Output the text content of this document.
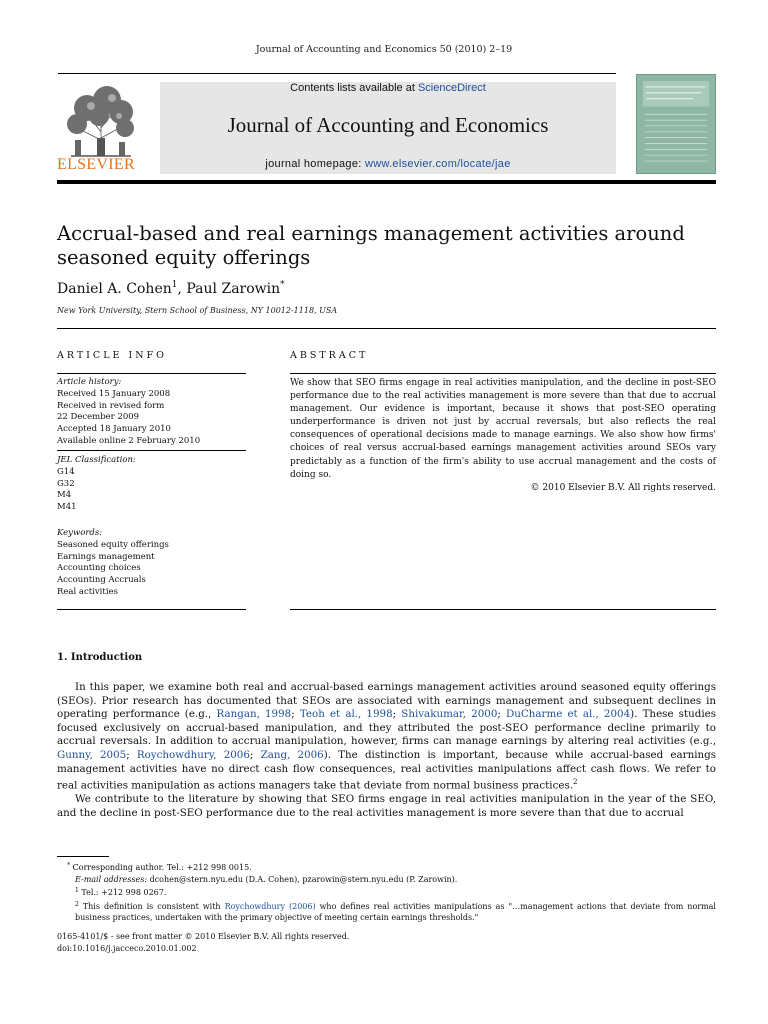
Journal of Accounting and Economics 50 (2010) 2–19
ELSEVIER
Contents lists available at ScienceDirect
Journal of Accounting and Economics
journal homepage: www.elsevier.com/locate/jae
Accrual-based and real earnings management activities around seasoned equity offerings
Daniel A. Cohen$^1$, Paul Zarowin*
New York University, Stern School of Business, NY 10012-1118, USA
ARTICLE INFO
Article history:
Received 15 January 2008
Received in revised form
22 December 2009
Accepted 18 January 2010
Available online 2 February 2010
JEL Classification:
G14
G32
M4
M41
Keywords:
Seasoned equity offerings
Earnings management
Accounting choices
Accounting Accruals
Real activities
ABSTRACT
We show that SEO firms engage in real activities manipulation, and the decline in post-SEO performance due to the real activities management is more severe than that due to accrual management. Our evidence is important, because it shows that post-SEO operating underperformance is driven not just by accrual reversals, but also reflects the real consequences of operational decisions made to manage earnings. We also show how firms' choices of real versus accrual-based earnings management activities around SEOs vary predictably as a function of the firm's ability to use accrual management and the costs of doing so.
© 2010 Elsevier B.V. All rights reserved.
1. Introduction

In this paper, we examine both real and accrual-based earnings management activities around seasoned equity offerings (SEOs). Prior research has documented that SEOs are associated with earnings management and subsequent declines in operating performance (e.g., Rangan, 1998; Teoh et al., 1998; Shivakumar, 2000; DuCharme et al., 2004). These studies focused exclusively on accrual-based manipulation, and they attributed the post-SEO performance decline primarily to accrual reversals. In addition to accrual manipulation, however, firms can manage earnings by altering real activities (e.g., Gunny, 2005; Roychowdhury, 2006; Zang, 2006). The distinction is important, because while accrual-based earnings management activities have no direct cash flow consequences, real activities manipulations affect cash flows. We refer to real activities manipulation as actions managers take that deviate from normal business practices.$^2$

We contribute to the literature by showing that SEO firms engage in real activities manipulation in the year of the SEO, and the decline in post-SEO performance due to the real activities management is more severe than that due to accrual

* Corresponding author. Tel.: +212 998 0015.
E-mail addresses: dcohen@stern.nyu.edu (D.A. Cohen), pzarowin@stern.nyu.edu (P. Zarowin).
$^1$ Tel.: +212 998 0267.
$^2$ This definition is consistent with Roychowdhury (2006) who defines real activities manipulations as "…management actions that deviate from normal business practices, undertaken with the primary objective of meeting certain earnings thresholds."
0165-4101/$ - see front matter © 2010 Elsevier B.V. All rights reserved.
doi:10.1016/j.jacceco.2010.01.002
